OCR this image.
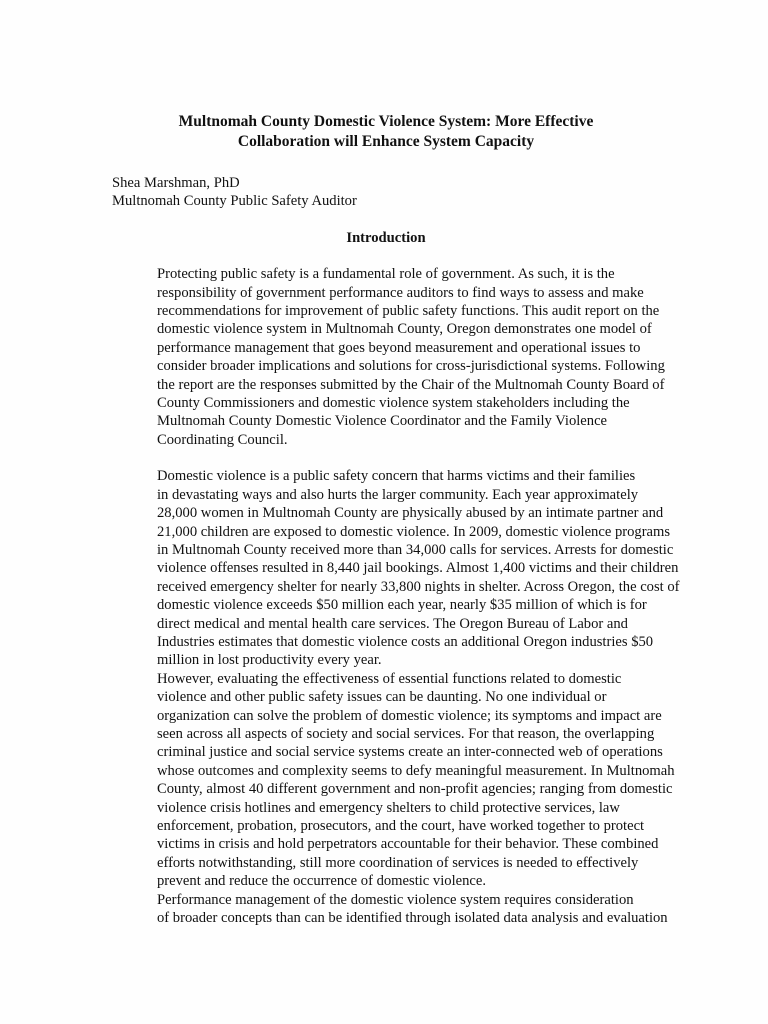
Multnomah County Domestic Violence System: More Effective
Collaboration will Enhance System Capacity
Shea Marshman, PhD
Multnomah County Public Safety Auditor
Introduction

Protecting public safety is a fundamental role of government. As such, it is the
responsibility of government performance auditors to find ways to assess and make
recommendations for improvement of public safety functions. This audit report on the
domestic violence system in Multnomah County, Oregon demonstrates one model of
performance management that goes beyond measurement and operational issues to
consider broader implications and solutions for cross-jurisdictional systems. Following
the report are the responses submitted by the Chair of the Multnomah County Board of
County Commissioners and domestic violence system stakeholders including the
Multnomah County Domestic Violence Coordinator and the Family Violence
Coordinating Council.

Domestic violence is a public safety concern that harms victims and their families
in devastating ways and also hurts the larger community. Each year approximately
28,000 women in Multnomah County are physically abused by an intimate partner and
21,000 children are exposed to domestic violence. In 2009, domestic violence programs
in Multnomah County received more than 34,000 calls for services. Arrests for domestic
violence offenses resulted in 8,440 jail bookings. Almost 1,400 victims and their children
received emergency shelter for nearly 33,800 nights in shelter. Across Oregon, the cost of
domestic violence exceeds $50 million each year, nearly $35 million of which is for
direct medical and mental health care services. The Oregon Bureau of Labor and
Industries estimates that domestic violence costs an additional Oregon industries $50
million in lost productivity every year.

However, evaluating the effectiveness of essential functions related to domestic
violence and other public safety issues can be daunting. No one individual or
organization can solve the problem of domestic violence; its symptoms and impact are
seen across all aspects of society and social services. For that reason, the overlapping
criminal justice and social service systems create an inter-connected web of operations
whose outcomes and complexity seems to defy meaningful measurement. In Multnomah
County, almost 40 different government and non-profit agencies; ranging from domestic
violence crisis hotlines and emergency shelters to child protective services, law
enforcement, probation, prosecutors, and the court, have worked together to protect
victims in crisis and hold perpetrators accountable for their behavior. These combined
efforts notwithstanding, still more coordination of services is needed to effectively
prevent and reduce the occurrence of domestic violence.

Performance management of the domestic violence system requires consideration
of broader concepts than can be identified through isolated data analysis and evaluation
